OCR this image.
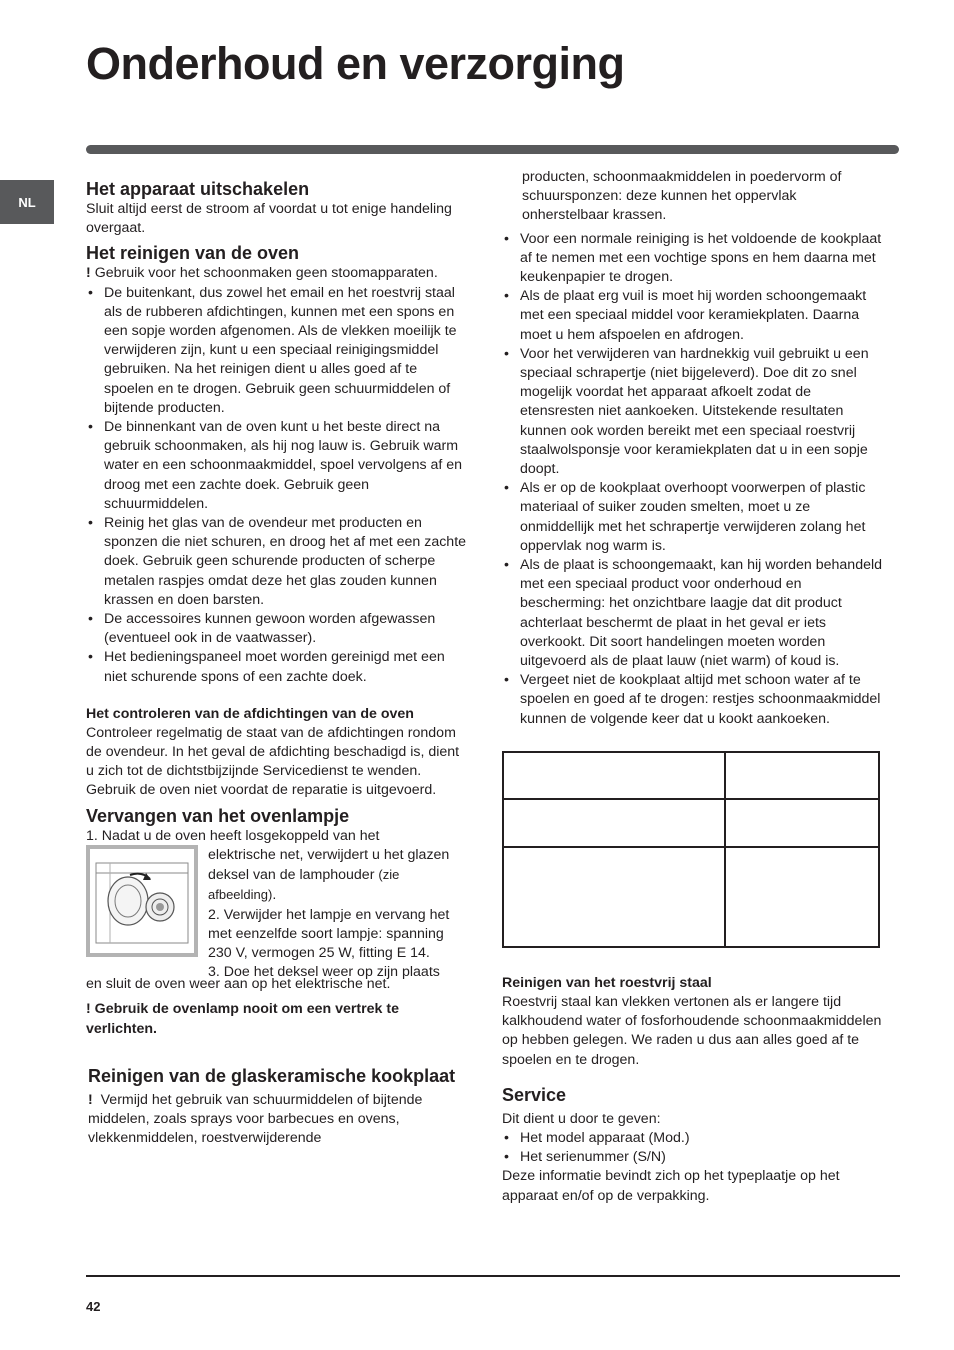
Onderhoud en verzorging
NL
Het apparaat uitschakelen

Sluit altijd eerst de stroom af voordat u tot enige handeling overgaat.

Het reinigen van de oven

! Gebruik voor het schoonmaken geen stoomapparaten.

• De buitenkant, dus zowel het email en het roestvrij staal als de rubberen afdichtingen, kunnen met een spons en een sopje worden afgenomen. Als de vlekken moeilijk te verwijderen zijn, kunt u een speciaal reinigingsmiddel gebruiken. Na het reinigen dient u alles goed af te spoelen en te drogen. Gebruik geen schuurmiddelen of bijtende producten.
• De binnenkant van de oven kunt u het beste direct na gebruik schoonmaken, als hij nog lauw is. Gebruik warm water en een schoonmaakmiddel, spoel vervolgens af en droog met een zachte doek. Gebruik geen schuurmiddelen.
• Reinig het glas van de ovendeur met producten en sponzen die niet schuren, en droog het af met een zachte doek. Gebruik geen schurende producten of scherpe metalen raspjes omdat deze het glas zouden kunnen krassen en doen barsten.
• De accessoires kunnen gewoon worden afgewassen (eventueel ook in de vaatwasser).
• Het bedieningspaneel moet worden gereinigd met een niet schurende spons of een zachte doek.
Het controleren van de afdichtingen van de oven

Controleer regelmatig de staat van de afdichtingen rondom de ovendeur. In het geval de afdichting beschadigd is, dient u zich tot de dichtstbijzijnde Servicedienst te wenden. Gebruik de oven niet voordat de reparatie is uitgevoerd.

Vervangen van het ovenlampje

1. Nadat u de oven heeft losgekoppeld van het

elektrische net, verwijdert u het glazen deksel van de lamphouder (zie afbeelding).

2. Verwijder het lampje en vervang het met eenzelfde soort lampje: spanning 230 V, vermogen 25 W, fitting E 14.

3. Doe het deksel weer op zijn plaats

en sluit de oven weer aan op het elektrische net.

! Gebruik de ovenlamp nooit om een vertrek te verlichten.
Reinigen van de glaskeramische kookplaat

! Vermijd het gebruik van schuurmiddelen of bijtende middelen, zoals sprays voor barbecues en ovens, vlekkenmiddelen, roestverwijderende

producten, schoonmaakmiddelen in poedervorm of schuursponzen: deze kunnen het oppervlak onherstelbaar krassen.

• Voor een normale reiniging is het voldoende de kookplaat af te nemen met een vochtige spons en hem daarna met keukenpapier te drogen.
• Als de plaat erg vuil is moet hij worden schoongemaakt met een speciaal middel voor keramiekplaten. Daarna moet u hem afspoelen en afdrogen.
• Voor het verwijderen van hardnekkig vuil gebruikt u een speciaal schrapertje (niet bijgeleverd). Doe dit zo snel mogelijk voordat het apparaat afkoelt zodat de etensresten niet aankoeken. Uitstekende resultaten kunnen ook worden bereikt met een speciaal roestvrij staalwolsponsje voor keramiekplaten dat u in een sopje doopt.
• Als er op de kookplaat overhoopt voorwerpen of plastic materiaal of suiker zouden smelten, moet u ze onmiddellijk met het schrapertje verwijderen zolang het oppervlak nog warm is.
• Als de plaat is schoongemaakt, kan hij worden behandeld met een speciaal product voor onderhoud en bescherming: het onzichtbare laagje dat dit product achterlaat beschermt de plaat in het geval er iets overkookt. Dit soort handelingen moeten worden uitgevoerd als de plaat lauw (niet warm) of koud is.
• Vergeet niet de kookplaat altijd met schoon water af te spoelen en goed af te drogen: restjes schoonmaakmiddel kunnen de volgende keer dat u kookt aankoeken.

Reinigen van het roestvrij staal

Roestvrij staal kan vlekken vertonen als er langere tijd kalkhoudend water of fosforhoudende schoonmaakmiddelen op hebben gelegen. We raden u dus aan alles goed af te spoelen en te drogen.

Service

Dit dient u door te geven:

• Het model apparaat (Mod.)
• Het serienummer (S/N)

Deze informatie bevindt zich op het typeplaatje op het apparaat en/of op de verpakking.

42
